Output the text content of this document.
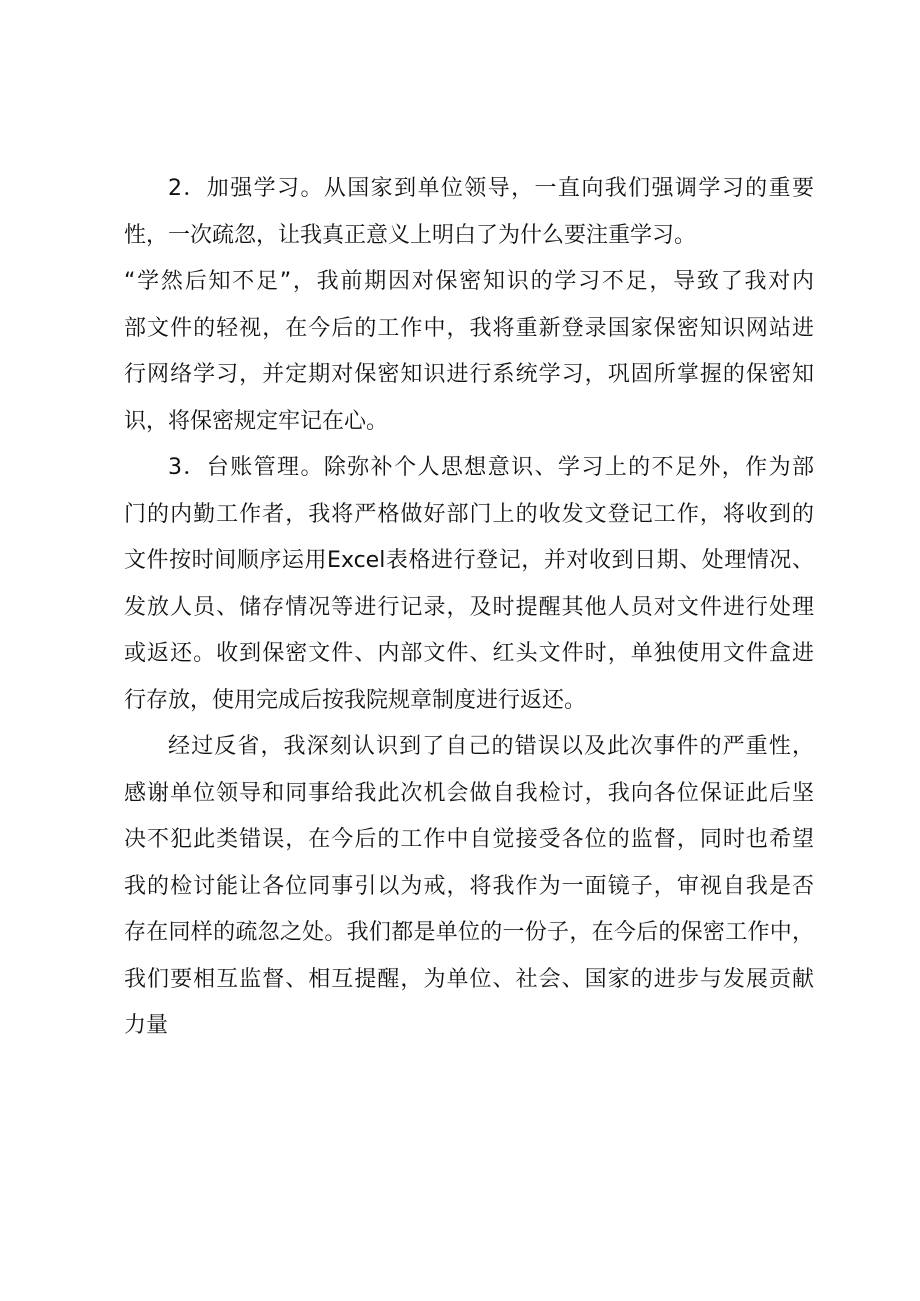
2．加强学习。从国家到单位领导，一直向我们强调学习的重要
性，一次疏忽，让我真正意义上明白了为什么要注重学习。
“学然后知不足”，我前期因对保密知识的学习不足，导致了我对内
部文件的轻视，在今后的工作中，我将重新登录国家保密知识网站进
行网络学习，并定期对保密知识进行系统学习，巩固所掌握的保密知
识，将保密规定牢记在心。
3．台账管理。除弥补个人思想意识、学习上的不足外，作为部
门的内勤工作者，我将严格做好部门上的收发文登记工作，将收到的
文件按时间顺序运用Excel表格进行登记，并对收到日期、处理情况、
发放人员、储存情况等进行记录，及时提醒其他人员对文件进行处理
或返还。收到保密文件、内部文件、红头文件时，单独使用文件盒进
行存放，使用完成后按我院规章制度进行返还。
经过反省，我深刻认识到了自己的错误以及此次事件的严重性，
感谢单位领导和同事给我此次机会做自我检讨，我向各位保证此后坚
决不犯此类错误，在今后的工作中自觉接受各位的监督，同时也希望
我的检讨能让各位同事引以为戒，将我作为一面镜子，审视自我是否
存在同样的疏忽之处。我们都是单位的一份子，在今后的保密工作中，
我们要相互监督、相互提醒，为单位、社会、国家的进步与发展贡献
力量
